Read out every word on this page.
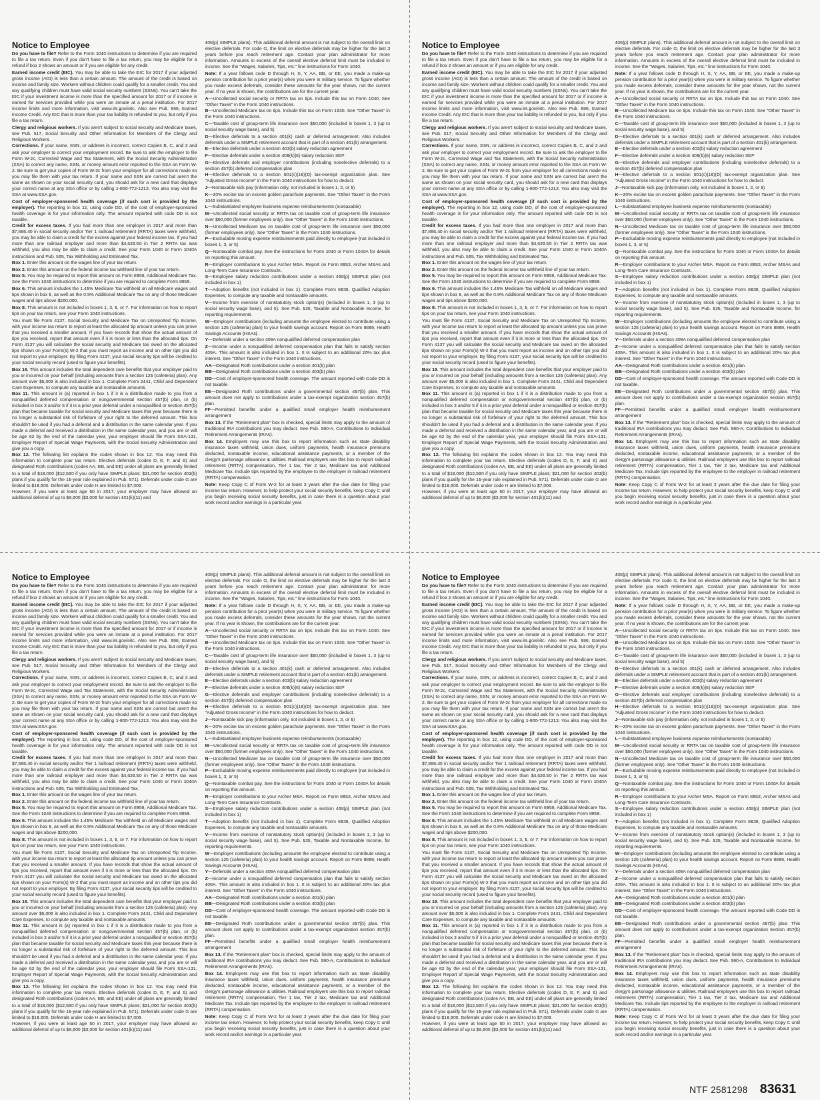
Notice to Employee

Do you have to file? Refer to the Form 1040 instructions to determine if you are required to file a tax return. Even if you don't have to file a tax return, you may be eligible for a refund if box 2 shows an amount or if you are eligible for any credit.

Earned income credit (EIC). You may be able to take the EIC for 2017 if your adjusted gross income (AGI) is less than a certain amount. The amount of the credit is based on income and family size. Workers without children could qualify for a smaller credit. You and any qualifying children must have valid social security numbers (SSNs). You can't take the EIC if your investment income is more than the specified amount for 2017 or if income is earned for services provided while you were an inmate at a penal institution. For 2017 income limits and more information, visit www.irs.gov/eitc. Also see Pub. 596, Earned Income Credit. Any EIC that is more than your tax liability is refunded to you, but only if you file a tax return.

Clergy and religious workers. If you aren't subject to social security and Medicare taxes, see Pub. 517, Social Security and Other Information for Members of the Clergy and Religious Workers.

Corrections. If your name, SSN, or address is incorrect, correct Copies B, C, and 2 and ask your employer to correct your employment record. Be sure to ask the employer to file Form W-2c, Corrected Wage and Tax Statement, with the Social Security Administration (SSA) to correct any name, SSN, or money amount error reported to the SSA on Form W-2. Be sure to get your copies of Form W-2c from your employer for all corrections made so you may file them with your tax return. If your name and SSN are correct but aren't the same as shown on your social security card, you should ask for a new card that displays your correct name at any SSA office or by calling 1-800-772-1213. You also may visit the SSA at www.SSA.gov.

Cost of employer-sponsored health coverage (if such cost is provided by the employer). The reporting in box 12, using code DD, of the cost of employer-sponsored health coverage is for your information only. The amount reported with code DD is not taxable.

Credit for excess taxes. If you had more than one employer in 2017 and more than $7,886.40 in social security and/or Tier 1 railroad retirement (RRTA) taxes were withheld, you may be able to claim a credit for the excess against your federal income tax. If you had more than one railroad employer and more than $4,630.50 in Tier 2 RRTA tax was withheld, you also may be able to claim a credit. See your Form 1040 or Form 1040A instructions and Pub. 505, Tax Withholding and Estimated Tax.

Box 1. Enter this amount on the wages line of your tax return.

Box 2. Enter this amount on the federal income tax withheld line of your tax return.

Box 5. You may be required to report this amount on Form 8959, Additional Medicare Tax. See the Form 1040 instructions to determine if you are required to complete Form 8959.

Box 6. This amount includes the 1.45% Medicare Tax withheld on all Medicare wages and tips shown in box 5, as well as the 0.9% Additional Medicare Tax on any of those Medicare wages and tips above $200,000.

Box 8. This amount is not included in boxes 1, 3, 5, or 7. For information on how to report tips on your tax return, see your Form 1040 instructions.

You must file Form 4137, Social Security and Medicare Tax on Unreported Tip Income, with your income tax return to report at least the allocated tip amount unless you can prove that you received a smaller amount. If you have records that show the actual amount of tips you received, report that amount even if it is more or less than the allocated tips. On Form 4137 you will calculate the social security and Medicare tax owed on the allocated tips shown on your Form(s) W-2 that you must report as income and on other tips you did not report to your employer. By filing Form 4137, your social security tips will be credited to your social security record (used to figure your benefits).

Box 10. This amount includes the total dependent care benefits that your employer paid to you or incurred on your behalf (including amounts from a section 125 (cafeteria) plan). Any amount over $5,000 is also included in box 1. Complete Form 2441, Child and Dependent Care Expenses, to compute any taxable and nontaxable amounts.

Box 11. This amount is (a) reported in box 1 if it is a distribution made to you from a nonqualified deferred compensation or nongovernmental section 457(b) plan, or (b) included in box 3 and/or 5 if it is a prior year deferral under a nonqualified or section 457(b) plan that became taxable for social security and Medicare taxes this year because there is no longer a substantial risk of forfeiture of your right to the deferred amount. This box shouldn't be used if you had a deferral and a distribution in the same calendar year. If you made a deferral and received a distribution in the same calendar year, and you are or will be age 62 by the end of the calendar year, your employer should file Form SSA-131, Employer Report of Special Wage Payments, with the Social Security Administration and give you a copy.

Box 12. The following list explains the codes shown in box 12. You may need this information to complete your tax return. Elective deferrals (codes D, E, F, and S) and designated Roth contributions (codes AA, BB, and EE) under all plans are generally limited to a total of $18,000 ($12,500 if you only have SIMPLE plans; $21,000 for section 403(b) plans if you qualify for the 15-year rule explained in Pub. 571). Deferrals under code G are limited to $18,000. Deferrals under code H are limited to $7,000.

However, if you were at least age 50 in 2017, your employer may have allowed an additional deferral of up to $6,000 ($3,000 for section 401(k)(11) and

408(p) SIMPLE plans). This additional deferral amount is not subject to the overall limit on elective deferrals. For code G, the limit on elective deferrals may be higher for the last 3 years before you reach retirement age. Contact your plan administrator for more information. Amounts in excess of the overall elective deferral limit must be included in income. See the "Wages, Salaries, Tips, etc." line instructions for Form 1040.

Note: If a year follows code D through H, S, Y, AA, BB, or EE, you made a make-up pension contribution for a prior year(s) when you were in military service. To figure whether you made excess deferrals, consider these amounts for the year shown, not the current year. If no year is shown, the contributions are for the current year.

A—Uncollected social security or RRTA tax on tips. Include this tax on Form 1040. See "Other Taxes" in the Form 1040 instructions.

B—Uncollected Medicare tax on tips. Include this tax on Form 1040. See "Other Taxes" in the Form 1040 instructions.

C—Taxable cost of group-term life insurance over $50,000 (included in boxes 1, 3 (up to social security wage base), and 5)

D—Elective deferrals to a section 401(k) cash or deferred arrangement. Also includes deferrals under a SIMPLE retirement account that is part of a section 401(k) arrangement.

E—Elective deferrals under a section 403(b) salary reduction agreement

F—Elective deferrals under a section 408(k)(6) salary reduction SEP

G—Elective deferrals and employer contributions (including nonelective deferrals) to a section 457(b) deferred compensation plan

H—Elective deferrals to a section 501(c)(18)(D) tax-exempt organization plan. See "Adjusted Gross Income" in the Form 1040 instructions for how to deduct.

J—Nontaxable sick pay (information only, not included in boxes 1, 3, or 5)

K—20% excise tax on excess golden parachute payments. See "Other Taxes" in the Form 1040 instructions.

L—Substantiated employee business expense reimbursements (nontaxable)

M—Uncollected social security or RRTA tax on taxable cost of group-term life insurance over $50,000 (former employees only). See "Other Taxes" in the Form 1040 instructions.

N—Uncollected Medicare tax on taxable cost of group-term life insurance over $50,000 (former employees only). See "Other Taxes" in the Form 1040 instructions.

P—Excludable moving expense reimbursements paid directly to employee (not included in boxes 1, 3, or 5)

Q—Nontaxable combat pay. See the instructions for Form 1040 or Form 1040A for details on reporting this amount.

R—Employer contributions to your Archer MSA. Report on Form 8853, Archer MSAs and Long-Term Care Insurance Contracts.

S—Employee salary reduction contributions under a section 408(p) SIMPLE plan (not included in box 1)

T—Adoption benefits (not included in box 1). Complete Form 8839, Qualified Adoption Expenses, to compute any taxable and nontaxable amounts.

V—Income from exercise of nonstatutory stock option(s) (included in boxes 1, 3 (up to social security wage base), and 5). See Pub. 525, Taxable and Nontaxable Income, for reporting requirements.

W—Employer contributions (including amounts the employee elected to contribute using a section 125 (cafeteria) plan) to your health savings account. Report on Form 8889, Health Savings Accounts (HSAs).

Y—Deferrals under a section 409A nonqualified deferred compensation plan

Z—Income under a nonqualified deferred compensation plan that fails to satisfy section 409A. This amount is also included in box 1. It is subject to an additional 20% tax plus interest. See "Other Taxes" in the Form 1040 instructions.

AA—Designated Roth contributions under a section 401(k) plan

BB—Designated Roth contributions under a section 403(b) plan

DD—Cost of employer-sponsored health coverage. The amount reported with Code DD is not taxable.

EE—Designated Roth contributions under a governmental section 457(b) plan. This amount does not apply to contributions under a tax-exempt organization section 457(b) plan.

FF—Permitted benefits under a qualified small employer health reimbursement arrangement

Box 13. If the "Retirement plan" box is checked, special limits may apply to the amount of traditional IRA contributions you may deduct. See Pub. 590-A, Contributions to Individual Retirement Arrangements (IRAs).

Box 14. Employers may use this box to report information such as state disability insurance taxes withheld, union dues, uniform payments, health insurance premiums deducted, nontaxable income, educational assistance payments, or a member of the clergy's parsonage allowance & utilities. Railroad employers use this box to report railroad retirement (RRTA) compensation, Tier 1 tax, Tier 2 tax, Medicare tax and Additional Medicare Tax. Include tips reported by the employee to the employer in railroad retirement (RRTA) compensation.

Note: Keep Copy C of Form W-2 for at least 3 years after the due date for filing your income tax return. However, to help protect your social security benefits, keep Copy C until you begin receiving social security benefits, just in case there is a question about your work record and/or earnings in a particular year.

Notice to Employee

Do you have to file? Refer to the Form 1040 instructions to determine if you are required to file a tax return. Even if you don't have to file a tax return, you may be eligible for a refund if box 2 shows an amount or if you are eligible for any credit.

Earned income credit (EIC). You may be able to take the EIC for 2017 if your adjusted gross income (AGI) is less than a certain amount. The amount of the credit is based on income and family size. Workers without children could qualify for a smaller credit. You and any qualifying children must have valid social security numbers (SSNs). You can't take the EIC if your investment income is more than the specified amount for 2017 or if income is earned for services provided while you were an inmate at a penal institution. For 2017 income limits and more information, visit www.irs.gov/eitc. Also see Pub. 596, Earned Income Credit. Any EIC that is more than your tax liability is refunded to you, but only if you file a tax return.

Clergy and religious workers. If you aren't subject to social security and Medicare taxes, see Pub. 517, Social Security and Other Information for Members of the Clergy and Religious Workers.

Corrections. If your name, SSN, or address is incorrect, correct Copies B, C, and 2 and ask your employer to correct your employment record. Be sure to ask the employer to file Form W-2c, Corrected Wage and Tax Statement, with the Social Security Administration (SSA) to correct any name, SSN, or money amount error reported to the SSA on Form W-2. Be sure to get your copies of Form W-2c from your employer for all corrections made so you may file them with your tax return. If your name and SSN are correct but aren't the same as shown on your social security card, you should ask for a new card that displays your correct name at any SSA office or by calling 1-800-772-1213. You also may visit the SSA at www.SSA.gov.

Cost of employer-sponsored health coverage (if such cost is provided by the employer). The reporting in box 12, using code DD, of the cost of employer-sponsored health coverage is for your information only. The amount reported with code DD is not taxable.

Credit for excess taxes. If you had more than one employer in 2017 and more than $7,886.40 in social security and/or Tier 1 railroad retirement (RRTA) taxes were withheld, you may be able to claim a credit for the excess against your federal income tax. If you had more than one railroad employer and more than $4,630.50 in Tier 2 RRTA tax was withheld, you also may be able to claim a credit. See your Form 1040 or Form 1040A instructions and Pub. 505, Tax Withholding and Estimated Tax.

Box 1. Enter this amount on the wages line of your tax return.

Box 2. Enter this amount on the federal income tax withheld line of your tax return.

Box 5. You may be required to report this amount on Form 8959, Additional Medicare Tax. See the Form 1040 instructions to determine if you are required to complete Form 8959.

Box 6. This amount includes the 1.45% Medicare Tax withheld on all Medicare wages and tips shown in box 5, as well as the 0.9% Additional Medicare Tax on any of those Medicare wages and tips above $200,000.

Box 8. This amount is not included in boxes 1, 3, 5, or 7. For information on how to report tips on your tax return, see your Form 1040 instructions.

You must file Form 4137, Social Security and Medicare Tax on Unreported Tip Income, with your income tax return to report at least the allocated tip amount unless you can prove that you received a smaller amount. If you have records that show the actual amount of tips you received, report that amount even if it is more or less than the allocated tips. On Form 4137 you will calculate the social security and Medicare tax owed on the allocated tips shown on your Form(s) W-2 that you must report as income and on other tips you did not report to your employer. By filing Form 4137, your social security tips will be credited to your social security record (used to figure your benefits).

Box 10. This amount includes the total dependent care benefits that your employer paid to you or incurred on your behalf (including amounts from a section 125 (cafeteria) plan). Any amount over $5,000 is also included in box 1. Complete Form 2441, Child and Dependent Care Expenses, to compute any taxable and nontaxable amounts.

Box 11. This amount is (a) reported in box 1 if it is a distribution made to you from a nonqualified deferred compensation or nongovernmental section 457(b) plan, or (b) included in box 3 and/or 5 if it is a prior year deferral under a nonqualified or section 457(b) plan that became taxable for social security and Medicare taxes this year because there is no longer a substantial risk of forfeiture of your right to the deferred amount. This box shouldn't be used if you had a deferral and a distribution in the same calendar year. If you made a deferral and received a distribution in the same calendar year, and you are or will be age 62 by the end of the calendar year, your employer should file Form SSA-131, Employer Report of Special Wage Payments, with the Social Security Administration and give you a copy.

Box 12. The following list explains the codes shown in box 12. You may need this information to complete your tax return. Elective deferrals (codes D, E, F, and S) and designated Roth contributions (codes AA, BB, and EE) under all plans are generally limited to a total of $18,000 ($12,500 if you only have SIMPLE plans; $21,000 for section 403(b) plans if you qualify for the 15-year rule explained in Pub. 571). Deferrals under code G are limited to $18,000. Deferrals under code H are limited to $7,000.

However, if you were at least age 50 in 2017, your employer may have allowed an additional deferral of up to $6,000 ($3,000 for section 401(k)(11) and

408(p) SIMPLE plans). This additional deferral amount is not subject to the overall limit on elective deferrals. For code G, the limit on elective deferrals may be higher for the last 3 years before you reach retirement age. Contact your plan administrator for more information. Amounts in excess of the overall elective deferral limit must be included in income. See the "Wages, Salaries, Tips, etc." line instructions for Form 1040.

Note: If a year follows code D through H, S, Y, AA, BB, or EE, you made a make-up pension contribution for a prior year(s) when you were in military service. To figure whether you made excess deferrals, consider these amounts for the year shown, not the current year. If no year is shown, the contributions are for the current year.

A—Uncollected social security or RRTA tax on tips. Include this tax on Form 1040. See "Other Taxes" in the Form 1040 instructions.

B—Uncollected Medicare tax on tips. Include this tax on Form 1040. See "Other Taxes" in the Form 1040 instructions.

C—Taxable cost of group-term life insurance over $50,000 (included in boxes 1, 3 (up to social security wage base), and 5)

D—Elective deferrals to a section 401(k) cash or deferred arrangement. Also includes deferrals under a SIMPLE retirement account that is part of a section 401(k) arrangement.

E—Elective deferrals under a section 403(b) salary reduction agreement

F—Elective deferrals under a section 408(k)(6) salary reduction SEP

G—Elective deferrals and employer contributions (including nonelective deferrals) to a section 457(b) deferred compensation plan

H—Elective deferrals to a section 501(c)(18)(D) tax-exempt organization plan. See "Adjusted Gross Income" in the Form 1040 instructions for how to deduct.

J—Nontaxable sick pay (information only, not included in boxes 1, 3, or 5)

K—20% excise tax on excess golden parachute payments. See "Other Taxes" in the Form 1040 instructions.

L—Substantiated employee business expense reimbursements (nontaxable)

M—Uncollected social security or RRTA tax on taxable cost of group-term life insurance over $50,000 (former employees only). See "Other Taxes" in the Form 1040 instructions.

N—Uncollected Medicare tax on taxable cost of group-term life insurance over $50,000 (former employees only). See "Other Taxes" in the Form 1040 instructions.

P—Excludable moving expense reimbursements paid directly to employee (not included in boxes 1, 3, or 5)

Q—Nontaxable combat pay. See the instructions for Form 1040 or Form 1040A for details on reporting this amount.

R—Employer contributions to your Archer MSA. Report on Form 8853, Archer MSAs and Long-Term Care Insurance Contracts.

S—Employee salary reduction contributions under a section 408(p) SIMPLE plan (not included in box 1)

T—Adoption benefits (not included in box 1). Complete Form 8839, Qualified Adoption Expenses, to compute any taxable and nontaxable amounts.

V—Income from exercise of nonstatutory stock option(s) (included in boxes 1, 3 (up to social security wage base), and 5). See Pub. 525, Taxable and Nontaxable Income, for reporting requirements.

W—Employer contributions (including amounts the employee elected to contribute using a section 125 (cafeteria) plan) to your health savings account. Report on Form 8889, Health Savings Accounts (HSAs).

Y—Deferrals under a section 409A nonqualified deferred compensation plan

Z—Income under a nonqualified deferred compensation plan that fails to satisfy section 409A. This amount is also included in box 1. It is subject to an additional 20% tax plus interest. See "Other Taxes" in the Form 1040 instructions.

AA—Designated Roth contributions under a section 401(k) plan

BB—Designated Roth contributions under a section 403(b) plan

DD—Cost of employer-sponsored health coverage. The amount reported with Code DD is not taxable.

EE—Designated Roth contributions under a governmental section 457(b) plan. This amount does not apply to contributions under a tax-exempt organization section 457(b) plan.

FF—Permitted benefits under a qualified small employer health reimbursement arrangement

Box 13. If the "Retirement plan" box is checked, special limits may apply to the amount of traditional IRA contributions you may deduct. See Pub. 590-A, Contributions to Individual Retirement Arrangements (IRAs).

Box 14. Employers may use this box to report information such as state disability insurance taxes withheld, union dues, uniform payments, health insurance premiums deducted, nontaxable income, educational assistance payments, or a member of the clergy's parsonage allowance & utilities. Railroad employers use this box to report railroad retirement (RRTA) compensation, Tier 1 tax, Tier 2 tax, Medicare tax and Additional Medicare Tax. Include tips reported by the employee to the employer in railroad retirement (RRTA) compensation.

Note: Keep Copy C of Form W-2 for at least 3 years after the due date for filing your income tax return. However, to help protect your social security benefits, keep Copy C until you begin receiving social security benefits, just in case there is a question about your work record and/or earnings in a particular year.

Notice to Employee

Do you have to file? Refer to the Form 1040 instructions to determine if you are required to file a tax return. Even if you don't have to file a tax return, you may be eligible for a refund if box 2 shows an amount or if you are eligible for any credit.

Earned income credit (EIC). You may be able to take the EIC for 2017 if your adjusted gross income (AGI) is less than a certain amount. The amount of the credit is based on income and family size. Workers without children could qualify for a smaller credit. You and any qualifying children must have valid social security numbers (SSNs). You can't take the EIC if your investment income is more than the specified amount for 2017 or if income is earned for services provided while you were an inmate at a penal institution. For 2017 income limits and more information, visit www.irs.gov/eitc. Also see Pub. 596, Earned Income Credit. Any EIC that is more than your tax liability is refunded to you, but only if you file a tax return.

Clergy and religious workers. If you aren't subject to social security and Medicare taxes, see Pub. 517, Social Security and Other Information for Members of the Clergy and Religious Workers.

Corrections. If your name, SSN, or address is incorrect, correct Copies B, C, and 2 and ask your employer to correct your employment record. Be sure to ask the employer to file Form W-2c, Corrected Wage and Tax Statement, with the Social Security Administration (SSA) to correct any name, SSN, or money amount error reported to the SSA on Form W-2. Be sure to get your copies of Form W-2c from your employer for all corrections made so you may file them with your tax return. If your name and SSN are correct but aren't the same as shown on your social security card, you should ask for a new card that displays your correct name at any SSA office or by calling 1-800-772-1213. You also may visit the SSA at www.SSA.gov.

Cost of employer-sponsored health coverage (if such cost is provided by the employer). The reporting in box 12, using code DD, of the cost of employer-sponsored health coverage is for your information only. The amount reported with code DD is not taxable.

Credit for excess taxes. If you had more than one employer in 2017 and more than $7,886.40 in social security and/or Tier 1 railroad retirement (RRTA) taxes were withheld, you may be able to claim a credit for the excess against your federal income tax. If you had more than one railroad employer and more than $4,630.50 in Tier 2 RRTA tax was withheld, you also may be able to claim a credit. See your Form 1040 or Form 1040A instructions and Pub. 505, Tax Withholding and Estimated Tax.

Box 1. Enter this amount on the wages line of your tax return.

Box 2. Enter this amount on the federal income tax withheld line of your tax return.

Box 5. You may be required to report this amount on Form 8959, Additional Medicare Tax. See the Form 1040 instructions to determine if you are required to complete Form 8959.

Box 6. This amount includes the 1.45% Medicare Tax withheld on all Medicare wages and tips shown in box 5, as well as the 0.9% Additional Medicare Tax on any of those Medicare wages and tips above $200,000.

Box 8. This amount is not included in boxes 1, 3, 5, or 7. For information on how to report tips on your tax return, see your Form 1040 instructions.

You must file Form 4137, Social Security and Medicare Tax on Unreported Tip Income, with your income tax return to report at least the allocated tip amount unless you can prove that you received a smaller amount. If you have records that show the actual amount of tips you received, report that amount even if it is more or less than the allocated tips. On Form 4137 you will calculate the social security and Medicare tax owed on the allocated tips shown on your Form(s) W-2 that you must report as income and on other tips you did not report to your employer. By filing Form 4137, your social security tips will be credited to your social security record (used to figure your benefits).

Box 10. This amount includes the total dependent care benefits that your employer paid to you or incurred on your behalf (including amounts from a section 125 (cafeteria) plan). Any amount over $5,000 is also included in box 1. Complete Form 2441, Child and Dependent Care Expenses, to compute any taxable and nontaxable amounts.

Box 11. This amount is (a) reported in box 1 if it is a distribution made to you from a nonqualified deferred compensation or nongovernmental section 457(b) plan, or (b) included in box 3 and/or 5 if it is a prior year deferral under a nonqualified or section 457(b) plan that became taxable for social security and Medicare taxes this year because there is no longer a substantial risk of forfeiture of your right to the deferred amount. This box shouldn't be used if you had a deferral and a distribution in the same calendar year. If you made a deferral and received a distribution in the same calendar year, and you are or will be age 62 by the end of the calendar year, your employer should file Form SSA-131, Employer Report of Special Wage Payments, with the Social Security Administration and give you a copy.

Box 12. The following list explains the codes shown in box 12. You may need this information to complete your tax return. Elective deferrals (codes D, E, F, and S) and designated Roth contributions (codes AA, BB, and EE) under all plans are generally limited to a total of $18,000 ($12,500 if you only have SIMPLE plans; $21,000 for section 403(b) plans if you qualify for the 15-year rule explained in Pub. 571). Deferrals under code G are limited to $18,000. Deferrals under code H are limited to $7,000.

However, if you were at least age 50 in 2017, your employer may have allowed an additional deferral of up to $6,000 ($3,000 for section 401(k)(11) and

408(p) SIMPLE plans). This additional deferral amount is not subject to the overall limit on elective deferrals. For code G, the limit on elective deferrals may be higher for the last 3 years before you reach retirement age. Contact your plan administrator for more information. Amounts in excess of the overall elective deferral limit must be included in income. See the "Wages, Salaries, Tips, etc." line instructions for Form 1040.

Note: If a year follows code D through H, S, Y, AA, BB, or EE, you made a make-up pension contribution for a prior year(s) when you were in military service. To figure whether you made excess deferrals, consider these amounts for the year shown, not the current year. If no year is shown, the contributions are for the current year.

A—Uncollected social security or RRTA tax on tips. Include this tax on Form 1040. See "Other Taxes" in the Form 1040 instructions.

B—Uncollected Medicare tax on tips. Include this tax on Form 1040. See "Other Taxes" in the Form 1040 instructions.

C—Taxable cost of group-term life insurance over $50,000 (included in boxes 1, 3 (up to social security wage base), and 5)

D—Elective deferrals to a section 401(k) cash or deferred arrangement. Also includes deferrals under a SIMPLE retirement account that is part of a section 401(k) arrangement.

E—Elective deferrals under a section 403(b) salary reduction agreement

F—Elective deferrals under a section 408(k)(6) salary reduction SEP

G—Elective deferrals and employer contributions (including nonelective deferrals) to a section 457(b) deferred compensation plan

H—Elective deferrals to a section 501(c)(18)(D) tax-exempt organization plan. See "Adjusted Gross Income" in the Form 1040 instructions for how to deduct.

J—Nontaxable sick pay (information only, not included in boxes 1, 3, or 5)

K—20% excise tax on excess golden parachute payments. See "Other Taxes" in the Form 1040 instructions.

L—Substantiated employee business expense reimbursements (nontaxable)

M—Uncollected social security or RRTA tax on taxable cost of group-term life insurance over $50,000 (former employees only). See "Other Taxes" in the Form 1040 instructions.

N—Uncollected Medicare tax on taxable cost of group-term life insurance over $50,000 (former employees only). See "Other Taxes" in the Form 1040 instructions.

P—Excludable moving expense reimbursements paid directly to employee (not included in boxes 1, 3, or 5)

Q—Nontaxable combat pay. See the instructions for Form 1040 or Form 1040A for details on reporting this amount.

R—Employer contributions to your Archer MSA. Report on Form 8853, Archer MSAs and Long-Term Care Insurance Contracts.

S—Employee salary reduction contributions under a section 408(p) SIMPLE plan (not included in box 1)

T—Adoption benefits (not included in box 1). Complete Form 8839, Qualified Adoption Expenses, to compute any taxable and nontaxable amounts.

V—Income from exercise of nonstatutory stock option(s) (included in boxes 1, 3 (up to social security wage base), and 5). See Pub. 525, Taxable and Nontaxable Income, for reporting requirements.

W—Employer contributions (including amounts the employee elected to contribute using a section 125 (cafeteria) plan) to your health savings account. Report on Form 8889, Health Savings Accounts (HSAs).

Y—Deferrals under a section 409A nonqualified deferred compensation plan

Z—Income under a nonqualified deferred compensation plan that fails to satisfy section 409A. This amount is also included in box 1. It is subject to an additional 20% tax plus interest. See "Other Taxes" in the Form 1040 instructions.

AA—Designated Roth contributions under a section 401(k) plan

BB—Designated Roth contributions under a section 403(b) plan

DD—Cost of employer-sponsored health coverage. The amount reported with Code DD is not taxable.

EE—Designated Roth contributions under a governmental section 457(b) plan. This amount does not apply to contributions under a tax-exempt organization section 457(b) plan.

FF—Permitted benefits under a qualified small employer health reimbursement arrangement

Box 13. If the "Retirement plan" box is checked, special limits may apply to the amount of traditional IRA contributions you may deduct. See Pub. 590-A, Contributions to Individual Retirement Arrangements (IRAs).

Box 14. Employers may use this box to report information such as state disability insurance taxes withheld, union dues, uniform payments, health insurance premiums deducted, nontaxable income, educational assistance payments, or a member of the clergy's parsonage allowance & utilities. Railroad employers use this box to report railroad retirement (RRTA) compensation, Tier 1 tax, Tier 2 tax, Medicare tax and Additional Medicare Tax. Include tips reported by the employee to the employer in railroad retirement (RRTA) compensation.

Note: Keep Copy C of Form W-2 for at least 3 years after the due date for filing your income tax return. However, to help protect your social security benefits, keep Copy C until you begin receiving social security benefits, just in case there is a question about your work record and/or earnings in a particular year.

Notice to Employee

Do you have to file? Refer to the Form 1040 instructions to determine if you are required to file a tax return. Even if you don't have to file a tax return, you may be eligible for a refund if box 2 shows an amount or if you are eligible for any credit.

Earned income credit (EIC). You may be able to take the EIC for 2017 if your adjusted gross income (AGI) is less than a certain amount. The amount of the credit is based on income and family size. Workers without children could qualify for a smaller credit. You and any qualifying children must have valid social security numbers (SSNs). You can't take the EIC if your investment income is more than the specified amount for 2017 or if income is earned for services provided while you were an inmate at a penal institution. For 2017 income limits and more information, visit www.irs.gov/eitc. Also see Pub. 596, Earned Income Credit. Any EIC that is more than your tax liability is refunded to you, but only if you file a tax return.

Clergy and religious workers. If you aren't subject to social security and Medicare taxes, see Pub. 517, Social Security and Other Information for Members of the Clergy and Religious Workers.

Corrections. If your name, SSN, or address is incorrect, correct Copies B, C, and 2 and ask your employer to correct your employment record. Be sure to ask the employer to file Form W-2c, Corrected Wage and Tax Statement, with the Social Security Administration (SSA) to correct any name, SSN, or money amount error reported to the SSA on Form W-2. Be sure to get your copies of Form W-2c from your employer for all corrections made so you may file them with your tax return. If your name and SSN are correct but aren't the same as shown on your social security card, you should ask for a new card that displays your correct name at any SSA office or by calling 1-800-772-1213. You also may visit the SSA at www.SSA.gov.

Cost of employer-sponsored health coverage (if such cost is provided by the employer). The reporting in box 12, using code DD, of the cost of employer-sponsored health coverage is for your information only. The amount reported with code DD is not taxable.

Credit for excess taxes. If you had more than one employer in 2017 and more than $7,886.40 in social security and/or Tier 1 railroad retirement (RRTA) taxes were withheld, you may be able to claim a credit for the excess against your federal income tax. If you had more than one railroad employer and more than $4,630.50 in Tier 2 RRTA tax was withheld, you also may be able to claim a credit. See your Form 1040 or Form 1040A instructions and Pub. 505, Tax Withholding and Estimated Tax.

Box 1. Enter this amount on the wages line of your tax return.

Box 2. Enter this amount on the federal income tax withheld line of your tax return.

Box 5. You may be required to report this amount on Form 8959, Additional Medicare Tax. See the Form 1040 instructions to determine if you are required to complete Form 8959.

Box 6. This amount includes the 1.45% Medicare Tax withheld on all Medicare wages and tips shown in box 5, as well as the 0.9% Additional Medicare Tax on any of those Medicare wages and tips above $200,000.

Box 8. This amount is not included in boxes 1, 3, 5, or 7. For information on how to report tips on your tax return, see your Form 1040 instructions.

You must file Form 4137, Social Security and Medicare Tax on Unreported Tip Income, with your income tax return to report at least the allocated tip amount unless you can prove that you received a smaller amount. If you have records that show the actual amount of tips you received, report that amount even if it is more or less than the allocated tips. On Form 4137 you will calculate the social security and Medicare tax owed on the allocated tips shown on your Form(s) W-2 that you must report as income and on other tips you did not report to your employer. By filing Form 4137, your social security tips will be credited to your social security record (used to figure your benefits).

Box 10. This amount includes the total dependent care benefits that your employer paid to you or incurred on your behalf (including amounts from a section 125 (cafeteria) plan). Any amount over $5,000 is also included in box 1. Complete Form 2441, Child and Dependent Care Expenses, to compute any taxable and nontaxable amounts.

Box 11. This amount is (a) reported in box 1 if it is a distribution made to you from a nonqualified deferred compensation or nongovernmental section 457(b) plan, or (b) included in box 3 and/or 5 if it is a prior year deferral under a nonqualified or section 457(b) plan that became taxable for social security and Medicare taxes this year because there is no longer a substantial risk of forfeiture of your right to the deferred amount. This box shouldn't be used if you had a deferral and a distribution in the same calendar year. If you made a deferral and received a distribution in the same calendar year, and you are or will be age 62 by the end of the calendar year, your employer should file Form SSA-131, Employer Report of Special Wage Payments, with the Social Security Administration and give you a copy.

Box 12. The following list explains the codes shown in box 12. You may need this information to complete your tax return. Elective deferrals (codes D, E, F, and S) and designated Roth contributions (codes AA, BB, and EE) under all plans are generally limited to a total of $18,000 ($12,500 if you only have SIMPLE plans; $21,000 for section 403(b) plans if you qualify for the 15-year rule explained in Pub. 571). Deferrals under code G are limited to $18,000. Deferrals under code H are limited to $7,000.

However, if you were at least age 50 in 2017, your employer may have allowed an additional deferral of up to $6,000 ($3,000 for section 401(k)(11) and

408(p) SIMPLE plans). This additional deferral amount is not subject to the overall limit on elective deferrals. For code G, the limit on elective deferrals may be higher for the last 3 years before you reach retirement age. Contact your plan administrator for more information. Amounts in excess of the overall elective deferral limit must be included in income. See the "Wages, Salaries, Tips, etc." line instructions for Form 1040.

Note: If a year follows code D through H, S, Y, AA, BB, or EE, you made a make-up pension contribution for a prior year(s) when you were in military service. To figure whether you made excess deferrals, consider these amounts for the year shown, not the current year. If no year is shown, the contributions are for the current year.

A—Uncollected social security or RRTA tax on tips. Include this tax on Form 1040. See "Other Taxes" in the Form 1040 instructions.

B—Uncollected Medicare tax on tips. Include this tax on Form 1040. See "Other Taxes" in the Form 1040 instructions.

C—Taxable cost of group-term life insurance over $50,000 (included in boxes 1, 3 (up to social security wage base), and 5)

D—Elective deferrals to a section 401(k) cash or deferred arrangement. Also includes deferrals under a SIMPLE retirement account that is part of a section 401(k) arrangement.

E—Elective deferrals under a section 403(b) salary reduction agreement

F—Elective deferrals under a section 408(k)(6) salary reduction SEP

G—Elective deferrals and employer contributions (including nonelective deferrals) to a section 457(b) deferred compensation plan

H—Elective deferrals to a section 501(c)(18)(D) tax-exempt organization plan. See "Adjusted Gross Income" in the Form 1040 instructions for how to deduct.

J—Nontaxable sick pay (information only, not included in boxes 1, 3, or 5)

K—20% excise tax on excess golden parachute payments. See "Other Taxes" in the Form 1040 instructions.

L—Substantiated employee business expense reimbursements (nontaxable)

M—Uncollected social security or RRTA tax on taxable cost of group-term life insurance over $50,000 (former employees only). See "Other Taxes" in the Form 1040 instructions.

N—Uncollected Medicare tax on taxable cost of group-term life insurance over $50,000 (former employees only). See "Other Taxes" in the Form 1040 instructions.

P—Excludable moving expense reimbursements paid directly to employee (not included in boxes 1, 3, or 5)

Q—Nontaxable combat pay. See the instructions for Form 1040 or Form 1040A for details on reporting this amount.

R—Employer contributions to your Archer MSA. Report on Form 8853, Archer MSAs and Long-Term Care Insurance Contracts.

S—Employee salary reduction contributions under a section 408(p) SIMPLE plan (not included in box 1)

T—Adoption benefits (not included in box 1). Complete Form 8839, Qualified Adoption Expenses, to compute any taxable and nontaxable amounts.

V—Income from exercise of nonstatutory stock option(s) (included in boxes 1, 3 (up to social security wage base), and 5). See Pub. 525, Taxable and Nontaxable Income, for reporting requirements.

W—Employer contributions (including amounts the employee elected to contribute using a section 125 (cafeteria) plan) to your health savings account. Report on Form 8889, Health Savings Accounts (HSAs).

Y—Deferrals under a section 409A nonqualified deferred compensation plan

Z—Income under a nonqualified deferred compensation plan that fails to satisfy section 409A. This amount is also included in box 1. It is subject to an additional 20% tax plus interest. See "Other Taxes" in the Form 1040 instructions.

AA—Designated Roth contributions under a section 401(k) plan

BB—Designated Roth contributions under a section 403(b) plan

DD—Cost of employer-sponsored health coverage. The amount reported with Code DD is not taxable.

EE—Designated Roth contributions under a governmental section 457(b) plan. This amount does not apply to contributions under a tax-exempt organization section 457(b) plan.

FF—Permitted benefits under a qualified small employer health reimbursement arrangement

Box 13. If the "Retirement plan" box is checked, special limits may apply to the amount of traditional IRA contributions you may deduct. See Pub. 590-A, Contributions to Individual Retirement Arrangements (IRAs).

Box 14. Employers may use this box to report information such as state disability insurance taxes withheld, union dues, uniform payments, health insurance premiums deducted, nontaxable income, educational assistance payments, or a member of the clergy's parsonage allowance & utilities. Railroad employers use this box to report railroad retirement (RRTA) compensation, Tier 1 tax, Tier 2 tax, Medicare tax and Additional Medicare Tax. Include tips reported by the employee to the employer in railroad retirement (RRTA) compensation.

Note: Keep Copy C of Form W-2 for at least 3 years after the due date for filing your income tax return. However, to help protect your social security benefits, keep Copy C until you begin receiving social security benefits, just in case there is a question about your work record and/or earnings in a particular year.

NTF 2581298 83631
